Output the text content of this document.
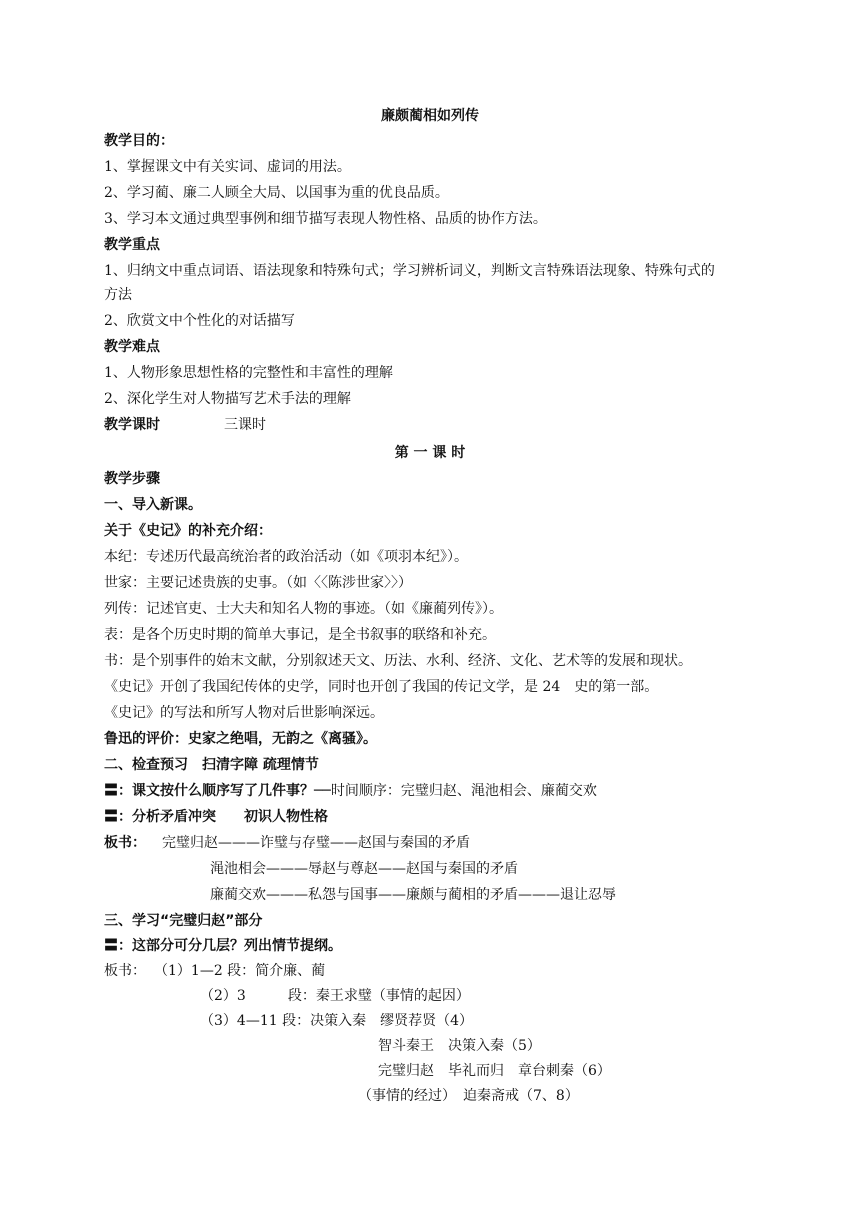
廉颇蔺相如列传
教学目的：
1、掌握课文中有关实词、虚词的用法。
2、学习蔺、廉二人顾全大局、以国事为重的优良品质。
3、学习本文通过典型事例和细节描写表现人物性格、品质的协作方法。
教学重点
1、归纳文中重点词语、语法现象和特殊句式；学习辨析词义，判断文言特殊语法现象、特殊句式的
方法
2、欣赏文中个性化的对话描写
教学难点
1、人物形象思想性格的完整性和丰富性的理解
2、深化学生对人物描写艺术手法的理解
教学课时	三课时
第 一 课 时
教学步骤
一、导入新课。
关于《史记》的补充介绍：
本纪：专述历代最高统治者的政治活动（如《项羽本纪》）。
世家：主要记述贵族的史事。（如〈〈陈涉世家〉〉）
列传：记述官吏、士大夫和知名人物的事迹。（如《廉蔺列传》）。
表：是各个历史时期的简单大事记，是全书叙事的联络和补充。
书：是个别事件的始末文献，分别叙述天文、历法、水利、经济、文化、艺术等的发展和现状。
《史记》开创了我国纪传体的史学，同时也开创了我国的传记文学，是 24　史的第一部。
《史记》的写法和所写人物对后世影响深远。
鲁迅的评价：史家之绝唱，无韵之《离骚》。
二、检查预习　扫清字障 疏理情节
〓：课文按什么顺序写了几件事？──时间顺序：完璧归赵、渑池相会、廉蔺交欢
〓：分析矛盾冲突　　初识人物性格
板书： 完璧归赵———诈璧与存璧——赵国与秦国的矛盾
渑池相会———辱赵与尊赵——赵国与秦国的矛盾
廉蔺交欢———私怨与国事——廉颇与蔺相的矛盾———退让忍辱
三、学习“完璧归赵”部分
〓：这部分可分几层？列出情节提纲。
板书： （1）1—2 段：简介廉、蔺
（2）3　　　段：秦王求璧（事情的起因）
（3）4—11 段：决策入秦　缪贤荐贤（4）
智斗秦王　决策入秦（5）
完璧归赵　毕礼而归　章台刺秦（6）
（事情的经过）　迫秦斋戒（7、8）
